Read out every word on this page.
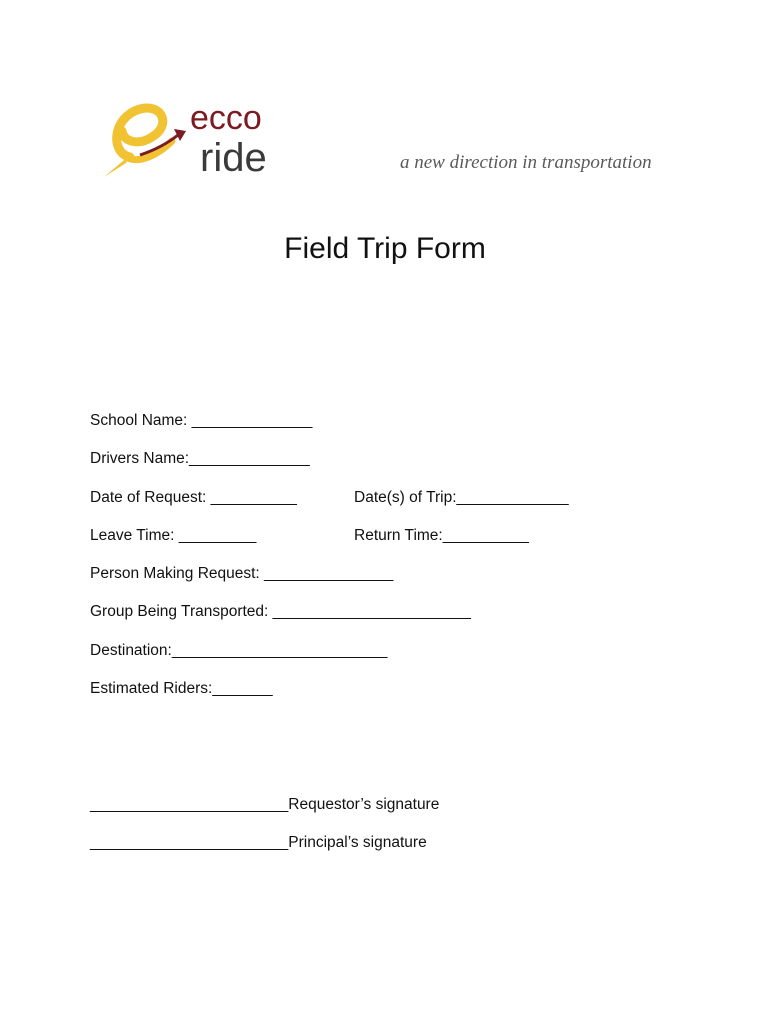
ecco
ride	a new direction in transportation
Field Trip Form
School Name: ______________
Drivers Name:______________
Date of Request: __________	Date(s) of Trip:_____________
Leave Time: _________	Return Time:__________
Person Making Request: _______________
Group Being Transported: _______________________
Destination:_________________________
Estimated Riders:_______
_______________________Requestor’s signature
_______________________Principal’s signature
